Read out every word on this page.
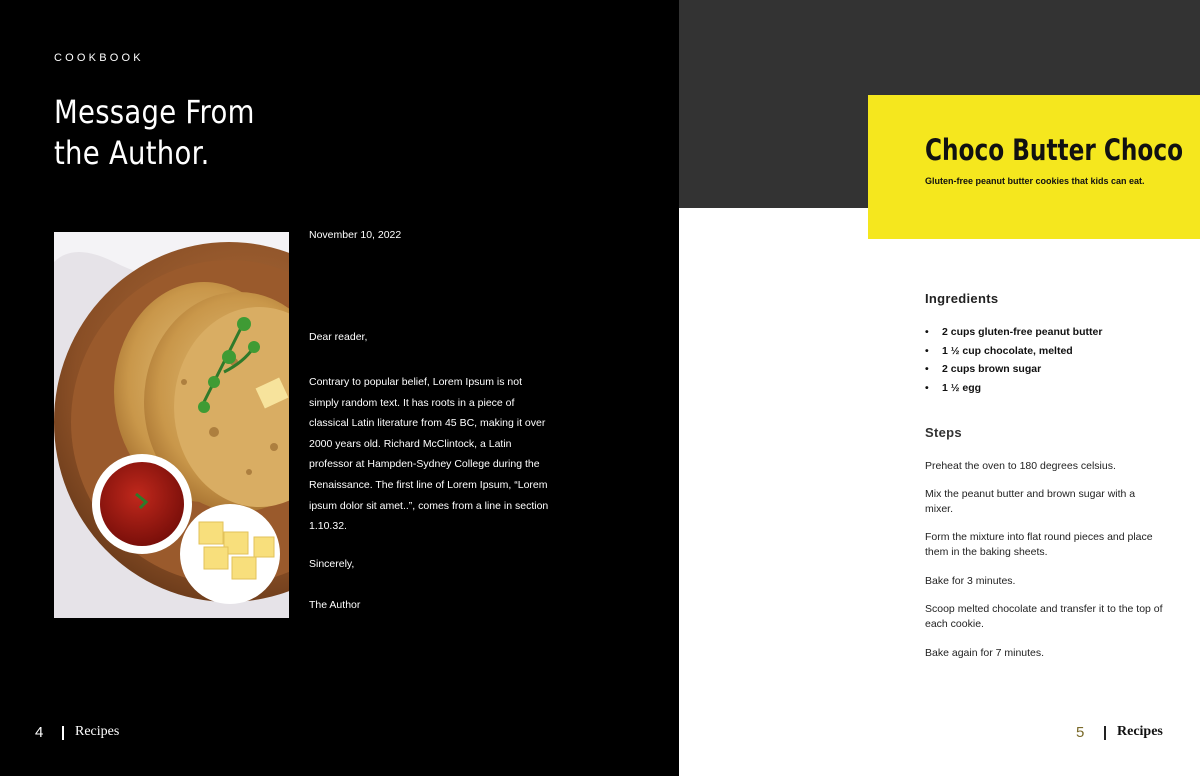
COOKBOOK
Message From
the Author.
November 10, 2022
Dear reader,
Contrary to popular belief, Lorem Ipsum is not simply random text. It has roots in a piece of classical Latin literature from 45 BC, making it over 2000 years old. Richard McClintock, a Latin professor at Hampden-Sydney College during the Renaissance. The first line of Lorem Ipsum, “Lorem ipsum dolor sit amet..”, comes from a line in section 1.10.32.
Sincerely,
The Author
4 Recipes
Choco Butter Choco
Gluten-free peanut butter cookies that kids can eat.
Ingredients
• 2 cups gluten-free peanut butter
• 1 ½ cup chocolate, melted
• 2 cups brown sugar
• 1 ½ egg
Steps
Preheat the oven to 180 degrees celsius.
Mix the peanut butter and brown sugar with a mixer.
Form the mixture into flat round pieces and place them in the baking sheets.
Bake for 3 minutes.
Scoop melted chocolate and transfer it to the top of each cookie.
Bake again for 7 minutes.
5 Recipes
